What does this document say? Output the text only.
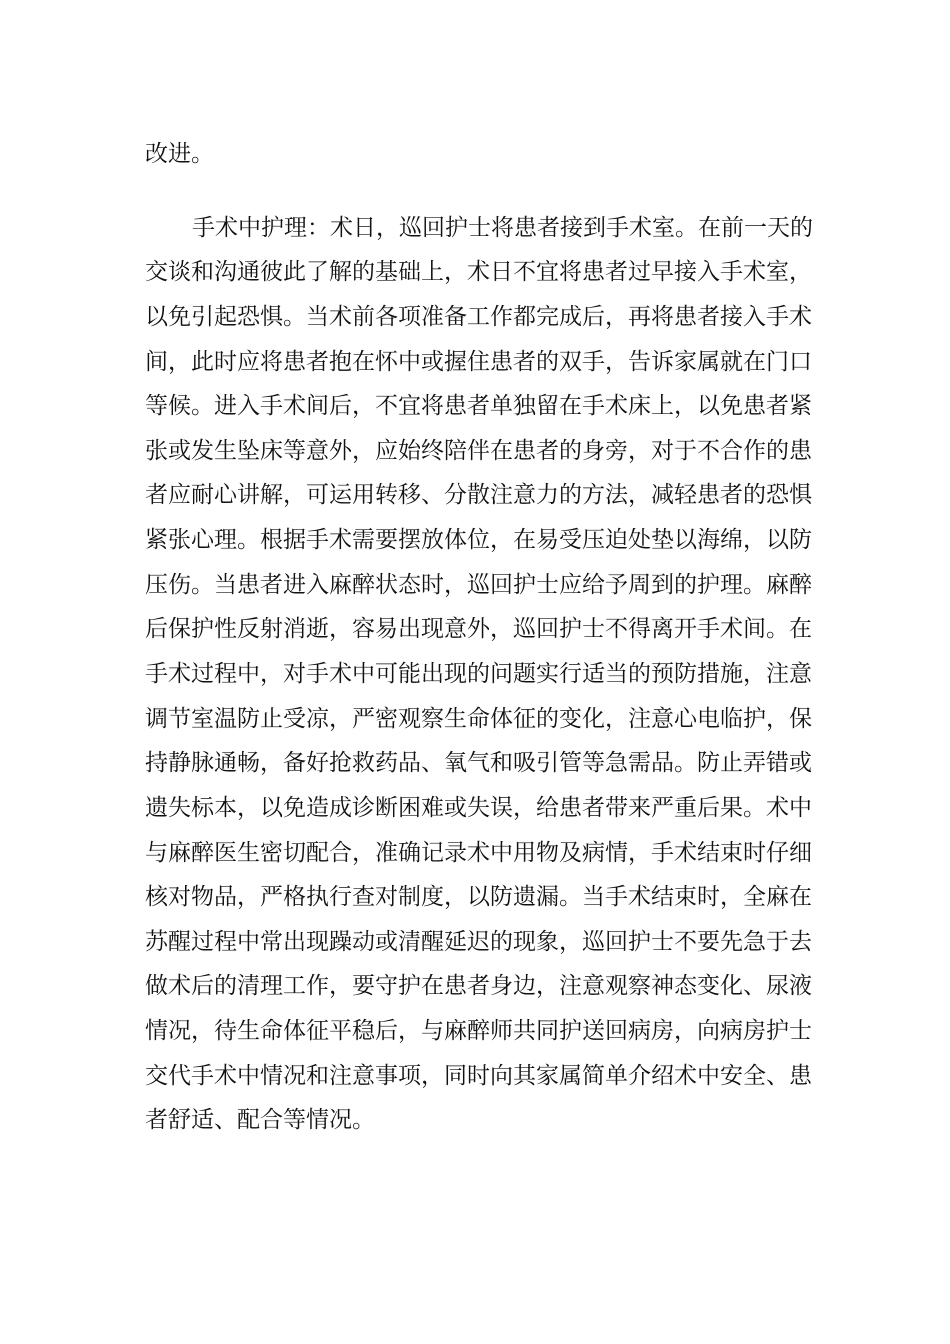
改进。
手术中护理：术日，巡回护士将患者接到手术室。在前一天的
交谈和沟通彼此了解的基础上，术日不宜将患者过早接入手术室，
以免引起恐惧。当术前各项准备工作都完成后，再将患者接入手术
间，此时应将患者抱在怀中或握住患者的双手，告诉家属就在门口
等候。进入手术间后，不宜将患者单独留在手术床上，以免患者紧
张或发生坠床等意外，应始终陪伴在患者的身旁，对于不合作的患
者应耐心讲解，可运用转移、分散注意力的方法，减轻患者的恐惧
紧张心理。根据手术需要摆放体位，在易受压迫处垫以海绵，以防
压伤。当患者进入麻醉状态时，巡回护士应给予周到的护理。麻醉
后保护性反射消逝，容易出现意外，巡回护士不得离开手术间。在
手术过程中，对手术中可能出现的问题实行适当的预防措施，注意
调节室温防止受凉，严密观察生命体征的变化，注意心电临护，保
持静脉通畅，备好抢救药品、氧气和吸引管等急需品。防止弄错或
遗失标本，以免造成诊断困难或失误，给患者带来严重后果。术中
与麻醉医生密切配合，准确记录术中用物及病情，手术结束时仔细
核对物品，严格执行查对制度，以防遗漏。当手术结束时，全麻在
苏醒过程中常出现躁动或清醒延迟的现象，巡回护士不要先急于去
做术后的清理工作，要守护在患者身边，注意观察神态变化、尿液
情况，待生命体征平稳后，与麻醉师共同护送回病房，向病房护士
交代手术中情况和注意事项，同时向其家属简单介绍术中安全、患
者舒适、配合等情况。
